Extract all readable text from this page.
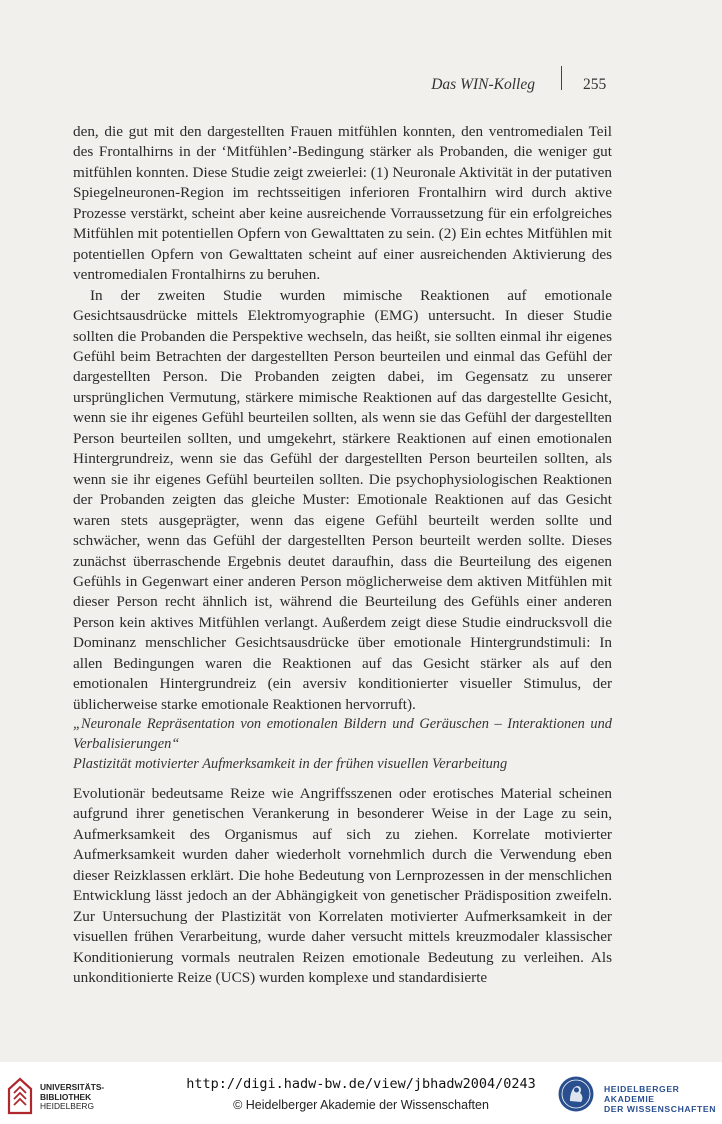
Das WIN-Kolleg	255

den, die gut mit den dargestellten Frauen mitfühlen konnten, den ventromedialen Teil des Frontalhirns in der ‘Mitfühlen’-Bedingung stärker als Probanden, die weniger gut mitfühlen konnten. Diese Studie zeigt zweierlei: (1) Neuronale Aktivität in der putativen Spiegelneuronen-Region im rechtsseitigen inferioren Frontalhirn wird durch aktive Prozesse verstärkt, scheint aber keine ausreichende Vorraussetzung für ein erfolgreiches Mitfühlen mit potentiellen Opfern von Gewalttaten zu sein. (2) Ein echtes Mitfühlen mit potentiellen Opfern von Gewalttaten scheint auf einer ausreichenden Aktivierung des ventromedialen Frontalhirns zu beruhen.

In der zweiten Studie wurden mimische Reaktionen auf emotionale Gesichtsausdrücke mittels Elektromyographie (EMG) untersucht. In dieser Studie sollten die Probanden die Perspektive wechseln, das heißt, sie sollten einmal ihr eigenes Gefühl beim Betrachten der dargestellten Person beurteilen und einmal das Gefühl der dargestellten Person. Die Probanden zeigten dabei, im Gegensatz zu unserer ursprünglichen Vermutung, stärkere mimische Reaktionen auf das dargestellte Gesicht, wenn sie ihr eigenes Gefühl beurteilen sollten, als wenn sie das Gefühl der dargestellten Person beurteilen sollten, und umgekehrt, stärkere Reaktionen auf einen emotionalen Hintergrundreiz, wenn sie das Gefühl der dargestellten Person beurteilen sollten, als wenn sie ihr eigenes Gefühl beurteilen sollten. Die psychophysiologischen Reaktionen der Probanden zeigten das gleiche Muster: Emotionale Reaktionen auf das Gesicht waren stets ausgeprägter, wenn das eigene Gefühl beurteilt werden sollte und schwächer, wenn das Gefühl der dargestellten Person beurteilt werden sollte. Dieses zunächst überraschende Ergebnis deutet daraufhin, dass die Beurteilung des eigenen Gefühls in Gegenwart einer anderen Person möglicherweise dem aktiven Mitfühlen mit dieser Person recht ähnlich ist, während die Beurteilung des Gefühls einer anderen Person kein aktives Mitfühlen verlangt. Außerdem zeigt diese Studie eindrucksvoll die Dominanz menschlicher Gesichtsausdrücke über emotionale Hintergrundstimuli: In allen Bedingungen waren die Reaktionen auf das Gesicht stärker als auf den emotionalen Hintergrundreiz (ein aversiv konditionierter visueller Stimulus, der üblicherweise starke emotionale Reaktionen hervorruft).

„Neuronale Repräsentation von emotionalen Bildern und Geräuschen – Interaktionen und Verbalisierungen“
Plastizität motivierter Aufmerksamkeit in der frühen visuellen Verarbeitung

Evolutionär bedeutsame Reize wie Angriffsszenen oder erotisches Material scheinen aufgrund ihrer genetischen Verankerung in besonderer Weise in der Lage zu sein, Aufmerksamkeit des Organismus auf sich zu ziehen. Korrelate motivierter Aufmerksamkeit wurden daher wiederholt vornehmlich durch die Verwendung eben dieser Reizklassen erklärt. Die hohe Bedeutung von Lernprozessen in der menschlichen Entwicklung lässt jedoch an der Abhängigkeit von genetischer Prädisposition zweifeln. Zur Untersuchung der Plastizität von Korrelaten motivierter Aufmerksamkeit in der visuellen frühen Verarbeitung, wurde daher versucht mittels kreuzmodaler klassischer Konditionierung vormals neutralen Reizen emotionale Bedeutung zu verleihen. Als unkonditionierte Reize (UCS) wurden komplexe und standardisierte

UNIVERSITÄTS-
BIBLIOTHEK
HEIDELBERG
http://digi.hadw-bw.de/view/jbhadw2004/0243
© Heidelberger Akademie der Wissenschaften
HEIDELBERGER AKADEMIE
DER WISSENSCHAFTEN
